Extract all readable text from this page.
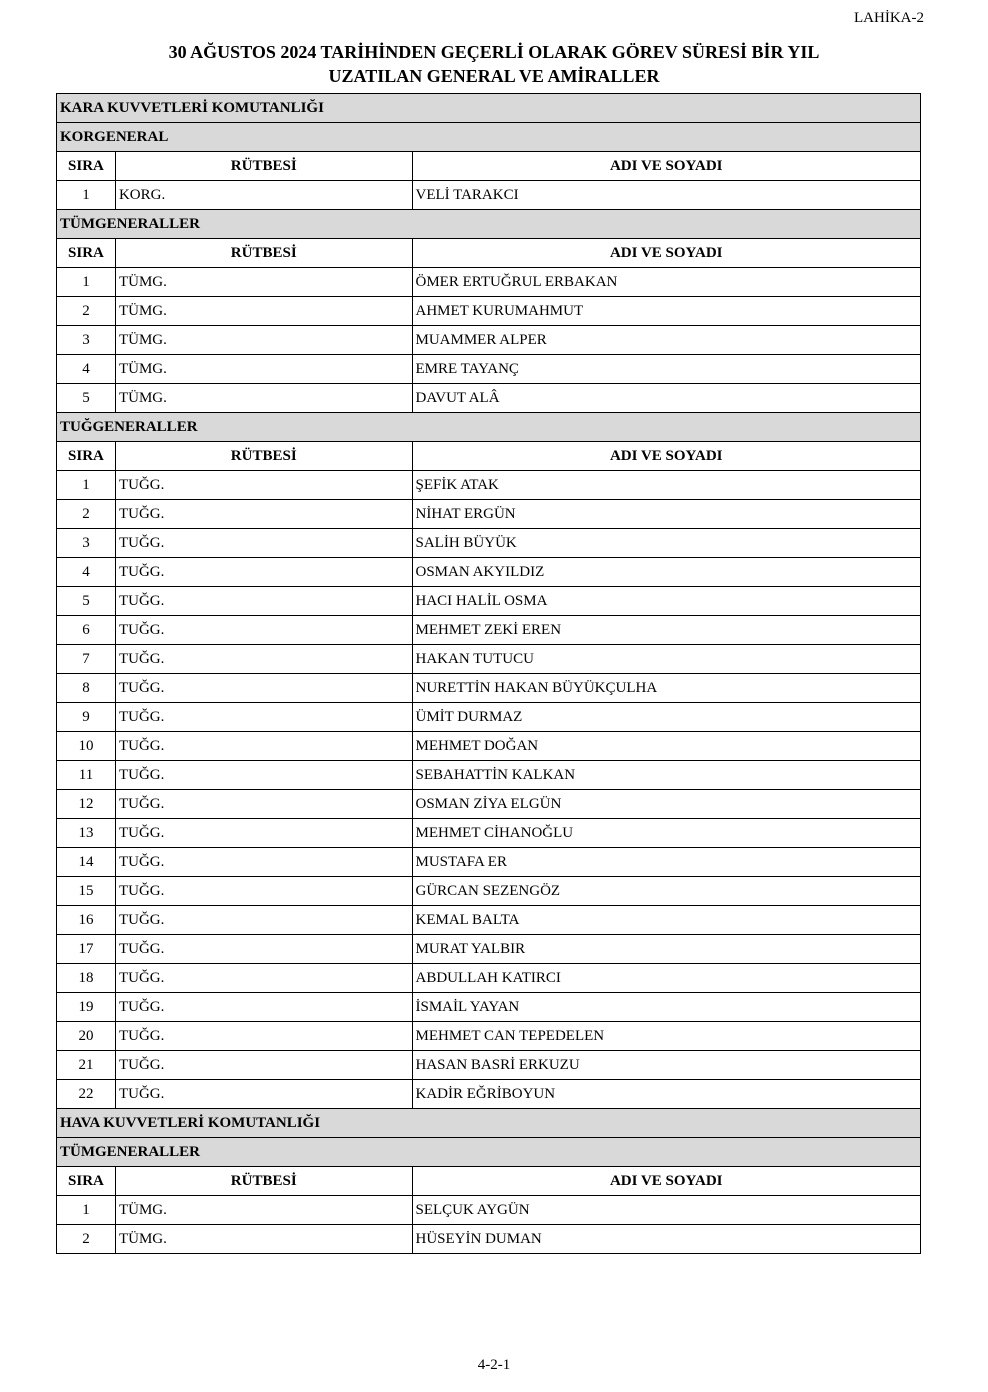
LAHİKA-2
30 AĞUSTOS 2024 TARİHİNDEN GEÇERLİ OLARAK GÖREV SÜRESİ BİR YIL
UZATILAN GENERAL VE AMİRALLER
KARA KUVVETLERİ KOMUTANLIĞI		
KORGENERAL		
SIRA	RÜTBESİ	ADI VE SOYADI
1	KORG.	VELİ TARAKCI
TÜMGENERALLER		
SIRA	RÜTBESİ	ADI VE SOYADI
1	TÜMG.	ÖMER ERTUĞRUL ERBAKAN
2	TÜMG.	AHMET KURUMAHMUT
3	TÜMG.	MUAMMER ALPER
4	TÜMG.	EMRE TAYANÇ
5	TÜMG.	DAVUT ALÂ
TUĞGENERALLER		
SIRA	RÜTBESİ	ADI VE SOYADI
1	TUĞG.	ŞEFİK ATAK
2	TUĞG.	NİHAT ERGÜN
3	TUĞG.	SALİH BÜYÜK
4	TUĞG.	OSMAN AKYILDIZ
5	TUĞG.	HACI HALİL OSMA
6	TUĞG.	MEHMET ZEKİ EREN
7	TUĞG.	HAKAN TUTUCU
8	TUĞG.	NURETTİN HAKAN BÜYÜKÇULHA
9	TUĞG.	ÜMİT DURMAZ
10	TUĞG.	MEHMET DOĞAN
11	TUĞG.	SEBAHATTİN KALKAN
12	TUĞG.	OSMAN ZİYA ELGÜN
13	TUĞG.	MEHMET CİHANOĞLU
14	TUĞG.	MUSTAFA ER
15	TUĞG.	GÜRCAN SEZENGÖZ
16	TUĞG.	KEMAL BALTA
17	TUĞG.	MURAT YALBIR
18	TUĞG.	ABDULLAH KATIRCI
19	TUĞG.	İSMAİL YAYAN
20	TUĞG.	MEHMET CAN TEPEDELEN
21	TUĞG.	HASAN BASRİ ERKUZU
22	TUĞG.	KADİR EĞRİBOYUN
HAVA KUVVETLERİ KOMUTANLIĞI		
TÜMGENERALLER		
SIRA	RÜTBESİ	ADI VE SOYADI
1	TÜMG.	SELÇUK AYGÜN
2	TÜMG.	HÜSEYİN DUMAN
4-2-1
